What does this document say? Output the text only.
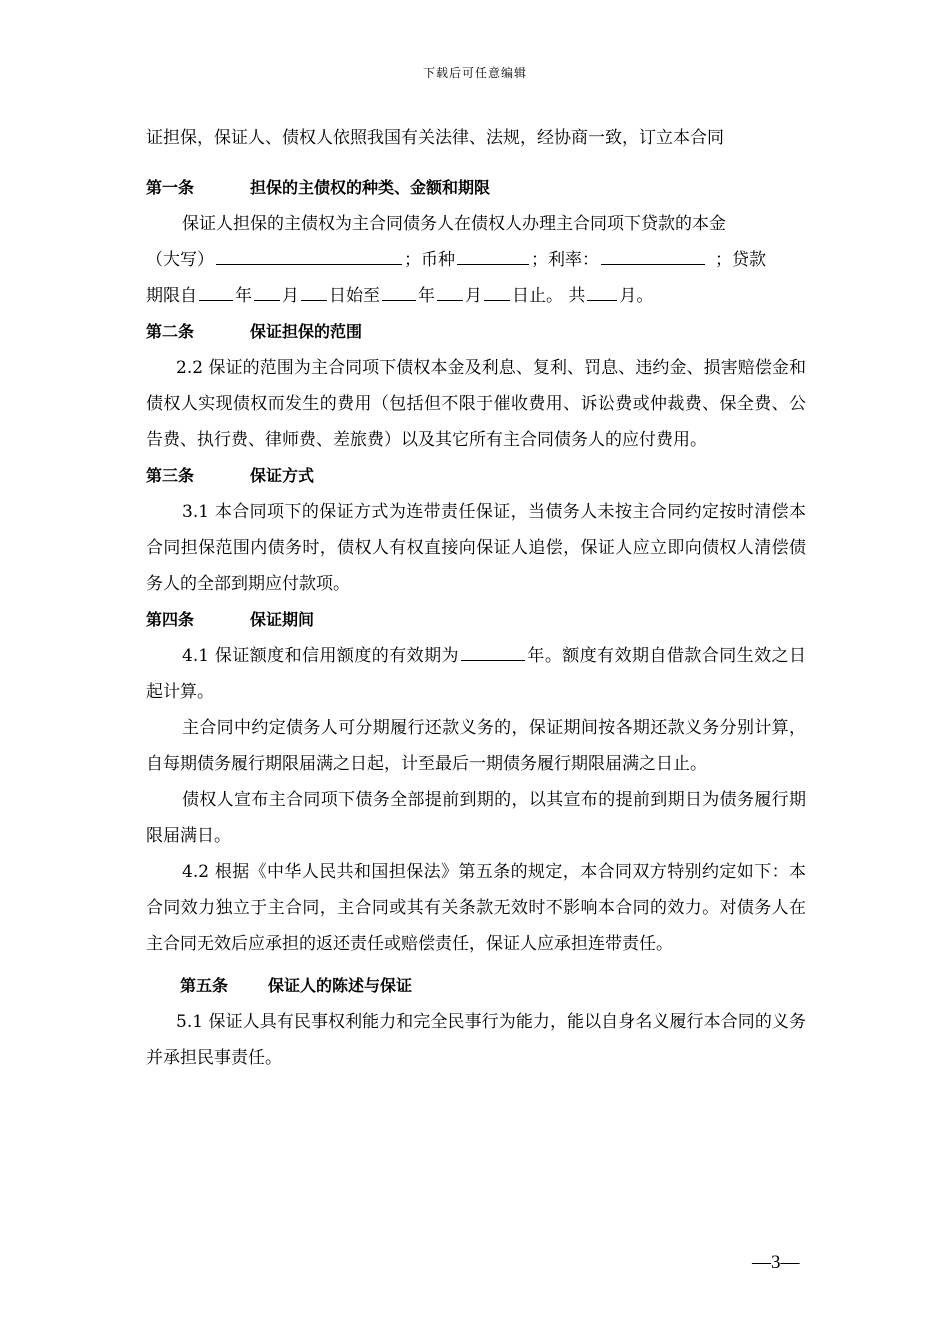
下载后可任意编辑

证担保，保证人、债权人依照我国有关法律、法规，经协商一致，订立本合同

第一条	担保的主债权的种类、金额和期限

保证人担保的主债权为主合同债务人在债权人办理主合同项下贷款的本金

（大写）	；币种	；利率：	；贷款

期限自 年 月 日始至 年 月 日止。 共 月。

第二条	保证担保的范围

2.2 保证的范围为主合同项下债权本金及利息、复利、罚息、违约金、损害赔偿金和债权人实现债权而发生的费用（包括但不限于催收费用、诉讼费或仲裁费、保全费、公告费、执行费、律师费、差旅费）以及其它所有主合同债务人的应付费用。

第三条	保证方式

3.1 本合同项下的保证方式为连带责任保证，当债务人未按主合同约定按时清偿本合同担保范围内债务时，债权人有权直接向保证人追偿，保证人应立即向债权人清偿债务人的全部到期应付款项。

第四条	保证期间

4.1 保证额度和信用额度的有效期为	年。额度有效期自借款合同生效之日起计算。

主合同中约定债务人可分期履行还款义务的，保证期间按各期还款义务分别计算，自每期债务履行期限届满之日起，计至最后一期债务履行期限届满之日止。

债权人宣布主合同项下债务全部提前到期的，以其宣布的提前到期日为债务履行期限届满日。

4.2 根据《中华人民共和国担保法》第五条的规定，本合同双方特别约定如下：本合同效力独立于主合同，主合同或其有关条款无效时不影响本合同的效力。对债务人在主合同无效后应承担的返还责任或赔偿责任，保证人应承担连带责任。

第五条 保证人的陈述与保证

5.1 保证人具有民事权利能力和完全民事行为能力，能以自身名义履行本合同的义务并承担民事责任。

—3—
